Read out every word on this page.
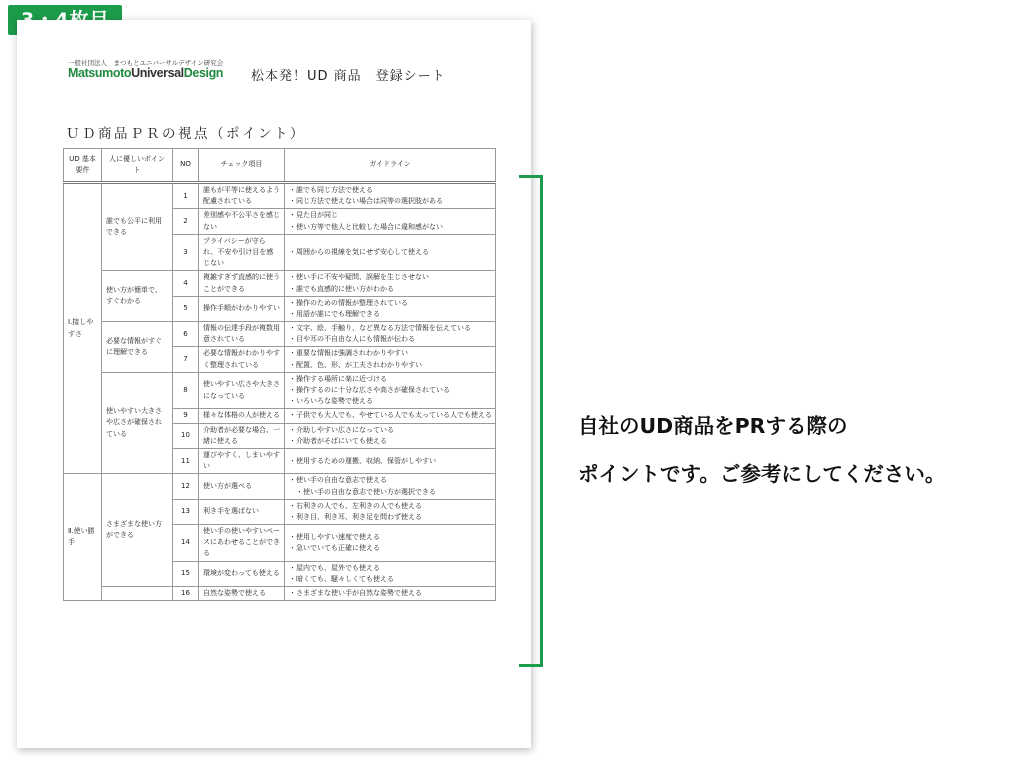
一般社団法人　まつもとユニバーサルデザイン研究会
MatsumotoUniversalDesign 松本発！UD 商品　登録シート
ＵＤ商品ＰＲの視点（ポイント）
UD 基本要件	人に優しいポイント	NO	チェック項目	ガイドライン
Ⅰ.接しやすさ	誰でも公平に利用できる	1	誰もが平等に使えるよう配慮されている	・誰でも同じ方法で使える
・同じ方法で使えない場合は同等の選択肢がある

		2	差別感や不公平さを感じない	・見た目が同じ
・使い方等で他人と比較した場合に違和感がない

		3	プライバシーが守られ、不安や引け目を感じない	・周囲からの視線を気にせず安心して使える

	使い方が簡単で、すぐわかる	4	複雑すぎず直感的に使うことができる	・使い手に不安や疑問、誤解を生じさせない
・誰でも直感的に使い方がわかる

		5	操作手順がわかりやすい	・操作のための情報が整理されている
・用語が誰にでも理解できる

	必要な情報がすぐに理解できる	6	情報の伝達手段が複数用意されている	・文字、絵、手触り、など異なる方法で情報を伝えている
・目や耳の不自由な人にも情報が伝わる

		7	必要な情報がわかりやすく整理されている	・重要な情報は強調されわかりやすい
・配置、色、形、が工夫されわかりやすい

	使いやすい大きさや広さが確保されている	8	使いやすい広さや大きさになっている	・操作する場所に楽に近づける
・操作するのに十分な広さや高さが確保されている
・いろいろな姿勢で使える

		9	様々な体格の人が使える	・子供でも大人でも、やせている人でも太っている人でも使える

		10	介助者が必要な場合、一緒に使える	・介助しやすい広さになっている
・介助者がそばにいても使える

		11	運びやすく、しまいやすい	・使用するための運搬、収納、保管がしやすい

Ⅱ.使い勝手	さまざまな使い方ができる	12	使い方が選べる	・使い手の自由な意志で使える
　・使い手の自由な意志で使い方が選択できる

		13	利き手を選ばない	・右利きの人でも、左利きの人でも使える
・利き目、利き耳、利き足を問わず使える

		14	使い手の使いやすいペースにあわせることができる	・使用しやすい速度で使える
・急いでいても正確に使える

		15	環境が変わっても使える	・屋内でも、屋外でも使える
・暗くても、騒々しくても使える

		16	自然な姿勢で使える	・さまざまな使い手が自然な姿勢で使える
自社のUD商品をPRする際の
ポイントです。ご参考にしてください。
